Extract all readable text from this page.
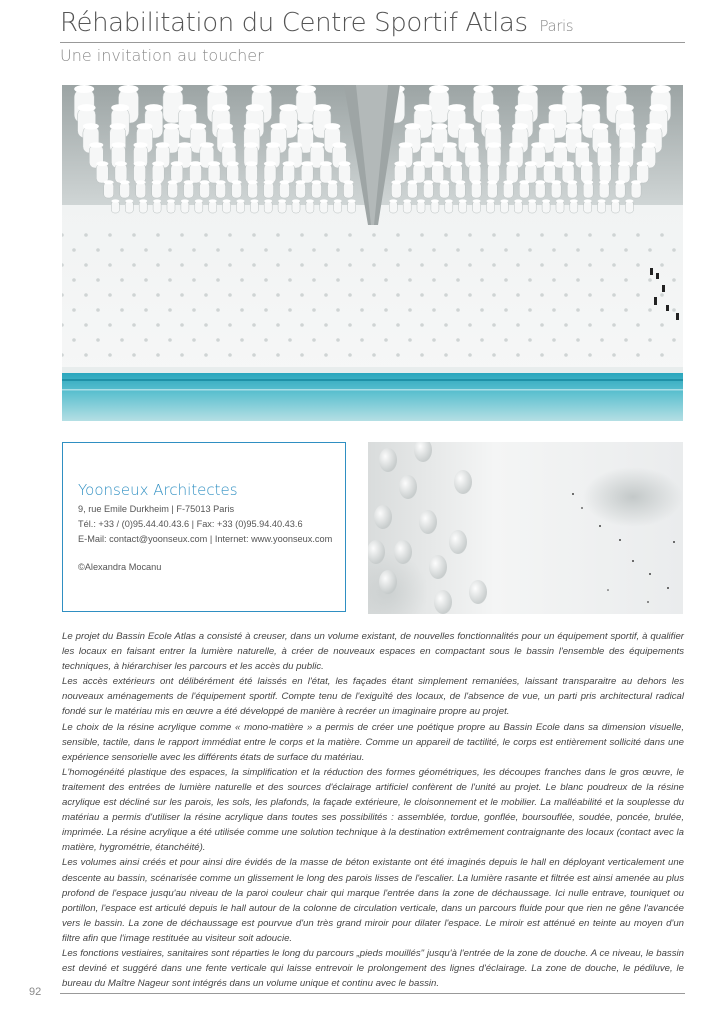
Réhabilitation du Centre Sportif Atlas Paris
Une invitation au toucher
Yoonseux Architectes
9, rue Emile Durkheim | F-75013 Paris
Tél.: +33 / (0)95.44.40.43.6 | Fax: +33 (0)95.94.40.43.6
E-Mail: contact@yoonseux.com | Internet: www.yoonseux.com
©Alexandra Mocanu

Le projet du Bassin Ecole Atlas a consisté à creuser, dans un volume existant, de nouvelles fonctionnalités pour un équipement sportif, à qualifier les locaux en faisant entrer la lumière naturelle, à créer de nouveaux espaces en compactant sous le bassin l'ensemble des équipements techniques, à hiérarchiser les parcours et les accès du public.

Les accès extérieurs ont délibérément été laissés en l'état, les façades étant simplement remaniées, laissant transparaitre au dehors les nouveaux aménagements de l'équipement sportif. Compte tenu de l'exiguïté des locaux, de l'absence de vue, un parti pris architectural radical fondé sur le matériau mis en œuvre a été développé de manière à recréer un imaginaire propre au projet.

Le choix de la résine acrylique comme « mono-matière » a permis de créer une poétique propre au Bassin Ecole dans sa dimension visuelle, sensible, tactile, dans le rapport immédiat entre le corps et la matière. Comme un appareil de tactilité, le corps est entièrement sollicité dans une expérience sensorielle avec les différents états de surface du matériau.

L'homogénéité plastique des espaces, la simplification et la réduction des formes géométriques, les découpes franches dans le gros œuvre, le traitement des entrées de lumière naturelle et des sources d'éclairage artificiel confèrent de l'unité au projet. Le blanc poudreux de la résine acrylique est décliné sur les parois, les sols, les plafonds, la façade extérieure, le cloisonnement et le mobilier. La malléabilité et la souplesse du matériau a permis d'utiliser la résine acrylique dans toutes ses possibilités : assemblée, tordue, gonflée, boursouflée, soudée, poncée, brulée, imprimée. La résine acrylique a été utilisée comme une solution technique à la destination extrêmement contraignante des locaux (contact avec la matière, hygrométrie, étanchéité).

Les volumes ainsi créés et pour ainsi dire évidés de la masse de béton existante ont été imaginés depuis le hall en déployant verticalement une descente au bassin, scénarisée comme un glissement le long des parois lisses de l'escalier. La lumière rasante et filtrée est ainsi amenée au plus profond de l'espace jusqu'au niveau de la paroi couleur chair qui marque l'entrée dans la zone de déchaussage. Ici nulle entrave, touniquet ou portillon, l'espace est articulé depuis le hall autour de la colonne de circulation verticale, dans un parcours fluide pour que rien ne gêne l'avancée vers le bassin. La zone de déchaussage est pourvue d'un très grand miroir pour dilater l'espace. Le miroir est atténué en teinte au moyen d'un filtre afin que l'image restituée au visiteur soit adoucie.

Les fonctions vestiaires, sanitaires sont réparties le long du parcours „pieds mouillés" jusqu'à l'entrée de la zone de douche. A ce niveau, le bassin est deviné et suggéré dans une fente verticale qui laisse entrevoir le prolongement des lignes d'éclairage. La zone de douche, le pédiluve, le bureau du Maître Nageur sont intégrés dans un volume unique et continu avec le bassin.

92
